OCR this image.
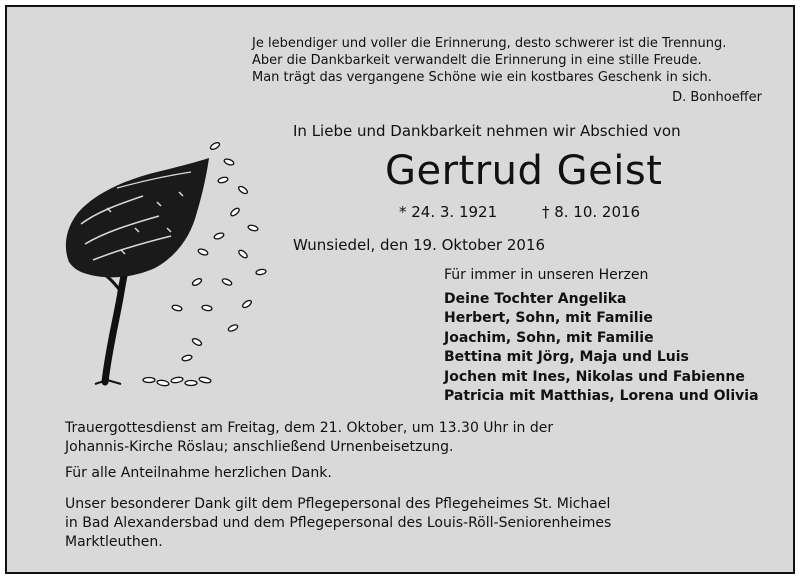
Je lebendiger und voller die Erinnerung, desto schwerer ist die Trennung.
Aber die Dankbarkeit verwandelt die Erinnerung in eine stille Freude.
Man trägt das vergangene Schöne wie ein kostbares Geschenk in sich.
D. Bonhoeffer
In Liebe und Dankbarkeit nehmen wir Abschied von
Gertrud Geist
* 24. 3. 1921	† 8. 10. 2016
Wunsiedel, den 19. Oktober 2016
Für immer in unseren Herzen
Deine Tochter Angelika
Herbert, Sohn, mit Familie
Joachim, Sohn, mit Familie
Bettina mit Jörg, Maja und Luis
Jochen mit Ines, Nikolas und Fabienne
Patricia mit Matthias, Lorena und Olivia
Trauergottesdienst am Freitag, dem 21. Oktober, um 13.30 Uhr in der
Johannis-Kirche Röslau; anschließend Urnenbeisetzung.
Für alle Anteilnahme herzlichen Dank.
Unser besonderer Dank gilt dem Pflegepersonal des Pflegeheimes St. Michael
in Bad Alexandersbad und dem Pflegepersonal des Louis-Röll-Seniorenheimes
Marktleuthen.
